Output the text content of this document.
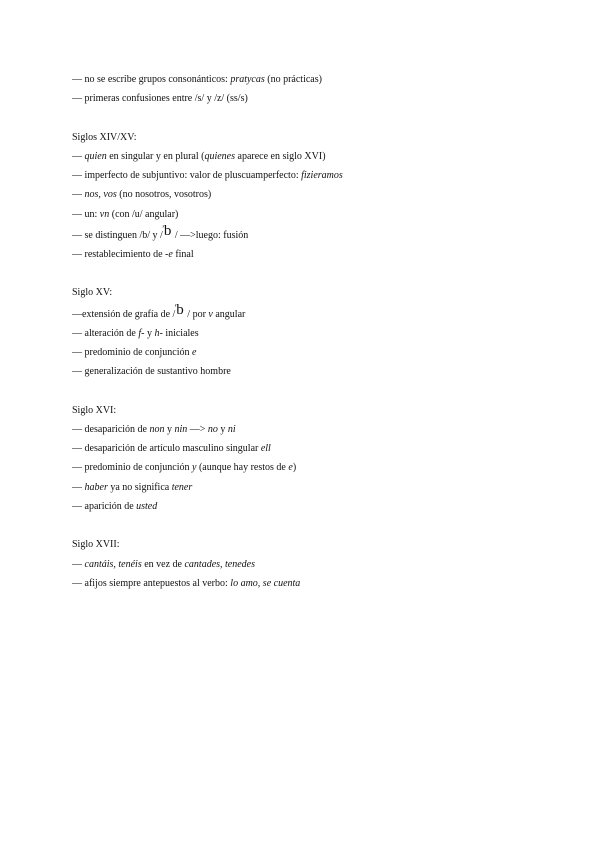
— no se escribe grupos consonánticos: pratycas (no prácticas)
— primeras confusiones entre /s/ y /z/ (ss/s)
Siglos XIV/XV:
— quien en singular y en plural (quienes aparece en siglo XVI)
— imperfecto de subjuntivo: valor de pluscuamperfecto: fizieramos
— nos, vos (no nosotros, vosotros)
— un: vn (con /u/ angular)
— se distinguen /b/ y /
ʼ b / —>luego: fusión
— restablecimiento de -e final
Siglo XV:
—extensión de grafía de /
ʼ b / por v angular
— alteración de f- y h- iniciales
— predominio de conjunción e
— generalización de sustantivo hombre
Siglo XVI:
— desaparición de non y nin —> no y ni
— desaparición de artículo masculino singular ell
— predominio de conjunción y (aunque hay restos de e)
— haber ya no significa tener
— aparición de usted
Siglo XVII:
— cantáis, tenéis en vez de cantades, tenedes
— afijos siempre antepuestos al verbo: lo amo, se cuenta
